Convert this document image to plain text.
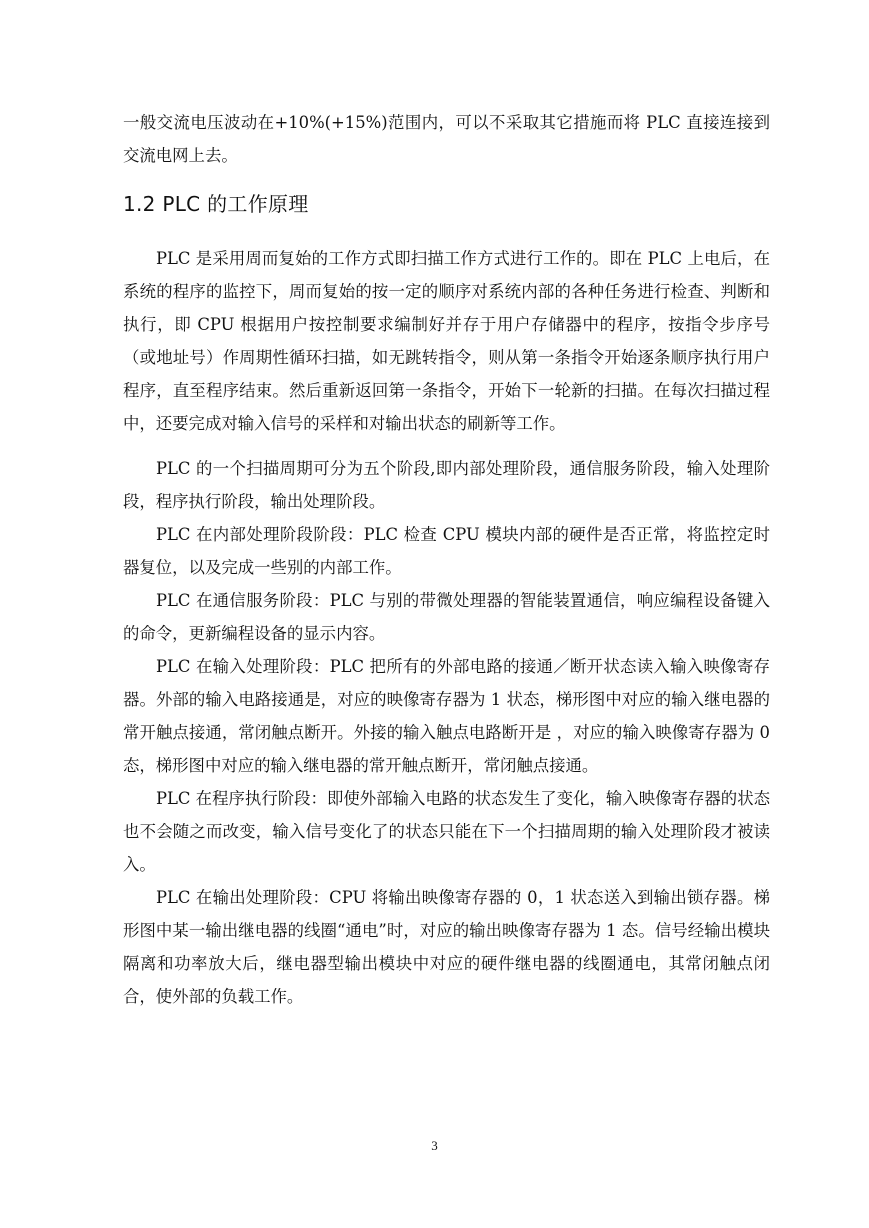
一般交流电压波动在+10%(+15%)范围内，可以不采取其它措施而将 PLC 直接连接到交流电网上去。

1.2 PLC 的工作原理

PLC 是采用周而复始的工作方式即扫描工作方式进行工作的。即在 PLC 上电后，在系统的程序的监控下，周而复始的按一定的顺序对系统内部的各种任务进行检查、判断和执行，即 CPU 根据用户按控制要求编制好并存于用户存储器中的程序，按指令步序号（或地址号）作周期性循环扫描，如无跳转指令，则从第一条指令开始逐条顺序执行用户程序，直至程序结束。然后重新返回第一条指令，开始下一轮新的扫描。在每次扫描过程中，还要完成对输入信号的采样和对输出状态的刷新等工作。

PLC 的一个扫描周期可分为五个阶段,即内部处理阶段，通信服务阶段，输入处理阶段，程序执行阶段，输出处理阶段。

PLC 在内部处理阶段阶段：PLC 检查 CPU 模块内部的硬件是否正常，将监控定时器复位，以及完成一些别的内部工作。

PLC 在通信服务阶段：PLC 与别的带微处理器的智能装置通信，响应编程设备键入的命令，更新编程设备的显示内容。

PLC 在输入处理阶段：PLC 把所有的外部电路的接通／断开状态读入输入映像寄存器。外部的输入电路接通是，对应的映像寄存器为 1 状态，梯形图中对应的输入继电器的常开触点接通，常闭触点断开。外接的输入触点电路断开是 ，对应的输入映像寄存器为 0 态，梯形图中对应的输入继电器的常开触点断开，常闭触点接通。

PLC 在程序执行阶段：即使外部输入电路的状态发生了变化，输入映像寄存器的状态也不会随之而改变，输入信号变化了的状态只能在下一个扫描周期的输入处理阶段才被读入。

PLC 在输出处理阶段：CPU 将输出映像寄存器的 0，1 状态送入到输出锁存器。梯形图中某一输出继电器的线圈“通电”时，对应的输出映像寄存器为 1 态。信号经输出模块隔离和功率放大后，继电器型输出模块中对应的硬件继电器的线圈通电，其常闭触点闭合，使外部的负载工作。

3
